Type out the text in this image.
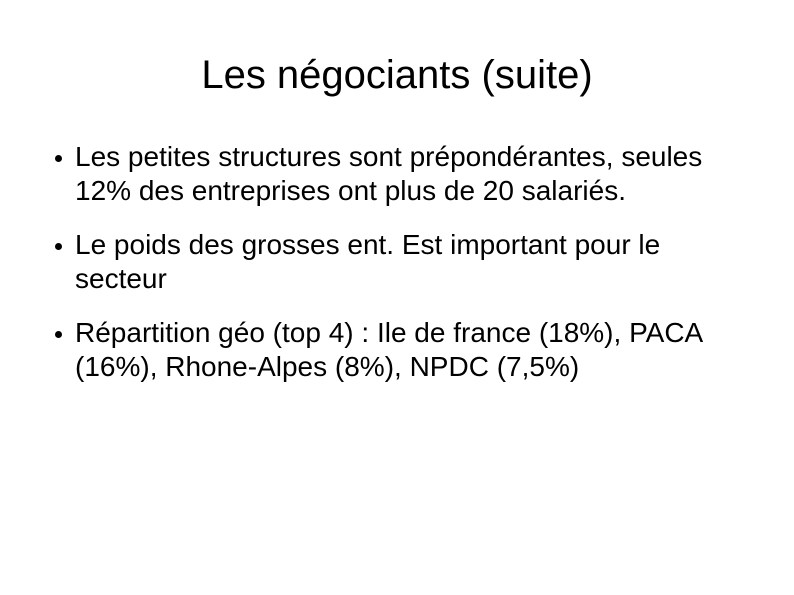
Les négociants (suite)
Les petites structures sont prépondérantes, seules 12% des entreprises ont plus de 20 salariés.
Le poids des grosses ent. Est important pour le secteur
Répartition géo (top 4) : Ile de france (18%), PACA (16%), Rhone-Alpes (8%), NPDC (7,5%)
